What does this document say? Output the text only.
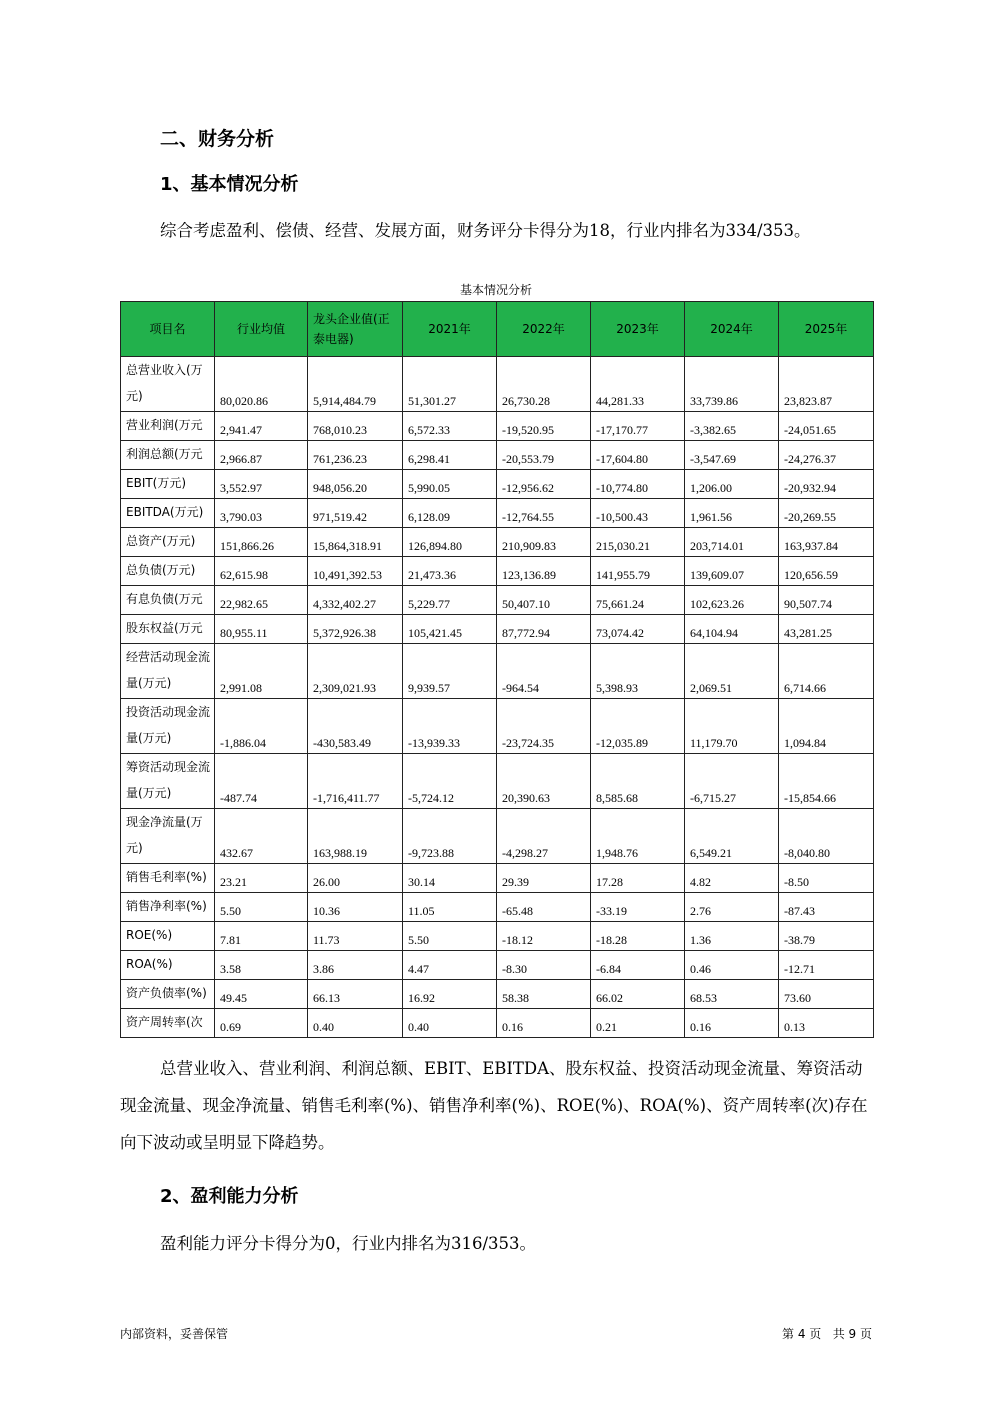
二、财务分析
1、基本情况分析
综合考虑盈利、偿债、经营、发展方面，财务评分卡得分为18，行业内排名为334/353。
基本情况分析
项目名	行业均值	龙头企业值(正泰电器)	2021年	2022年	2023年	2024年	2025年
总营业收入(万元)	80,020.86	5,914,484.79	51,301.27	26,730.28	44,281.33	33,739.86	23,823.87
营业利润(万元	2,941.47	768,010.23	6,572.33	-19,520.95	-17,170.77	-3,382.65	-24,051.65
利润总额(万元	2,966.87	761,236.23	6,298.41	-20,553.79	-17,604.80	-3,547.69	-24,276.37
EBIT(万元)	3,552.97	948,056.20	5,990.05	-12,956.62	-10,774.80	1,206.00	-20,932.94
EBITDA(万元)	3,790.03	971,519.42	6,128.09	-12,764.55	-10,500.43	1,961.56	-20,269.55
总资产(万元)	151,866.26	15,864,318.91	126,894.80	210,909.83	215,030.21	203,714.01	163,937.84
总负债(万元)	62,615.98	10,491,392.53	21,473.36	123,136.89	141,955.79	139,609.07	120,656.59
有息负债(万元	22,982.65	4,332,402.27	5,229.77	50,407.10	75,661.24	102,623.26	90,507.74
股东权益(万元	80,955.11	5,372,926.38	105,421.45	87,772.94	73,074.42	64,104.94	43,281.25
经营活动现金流量(万元)	2,991.08	2,309,021.93	9,939.57	-964.54	5,398.93	2,069.51	6,714.66
投资活动现金流量(万元)	-1,886.04	-430,583.49	-13,939.33	-23,724.35	-12,035.89	11,179.70	1,094.84
筹资活动现金流量(万元)	-487.74	-1,716,411.77	-5,724.12	20,390.63	8,585.68	-6,715.27	-15,854.66
现金净流量(万元)	432.67	163,988.19	-9,723.88	-4,298.27	1,948.76	6,549.21	-8,040.80
销售毛利率(%)	23.21	26.00	30.14	29.39	17.28	4.82	-8.50
销售净利率(%)	5.50	10.36	11.05	-65.48	-33.19	2.76	-87.43
ROE(%)	7.81	11.73	5.50	-18.12	-18.28	1.36	-38.79
ROA(%)	3.58	3.86	4.47	-8.30	-6.84	0.46	-12.71
资产负债率(%)	49.45	66.13	16.92	58.38	66.02	68.53	73.60
资产周转率(次	0.69	0.40	0.40	0.16	0.21	0.16	0.13
总营业收入、营业利润、利润总额、EBIT、EBITDA、股东权益、投资活动现金流量、筹资活动现金流量、现金净流量、销售毛利率(%)、销售净利率(%)、ROE(%)、ROA(%)、资产周转率(次)存在向下波动或呈明显下降趋势。
2、盈利能力分析
盈利能力评分卡得分为0，行业内排名为316/353。
内部资料，妥善保管	第 4 页   共 9 页
